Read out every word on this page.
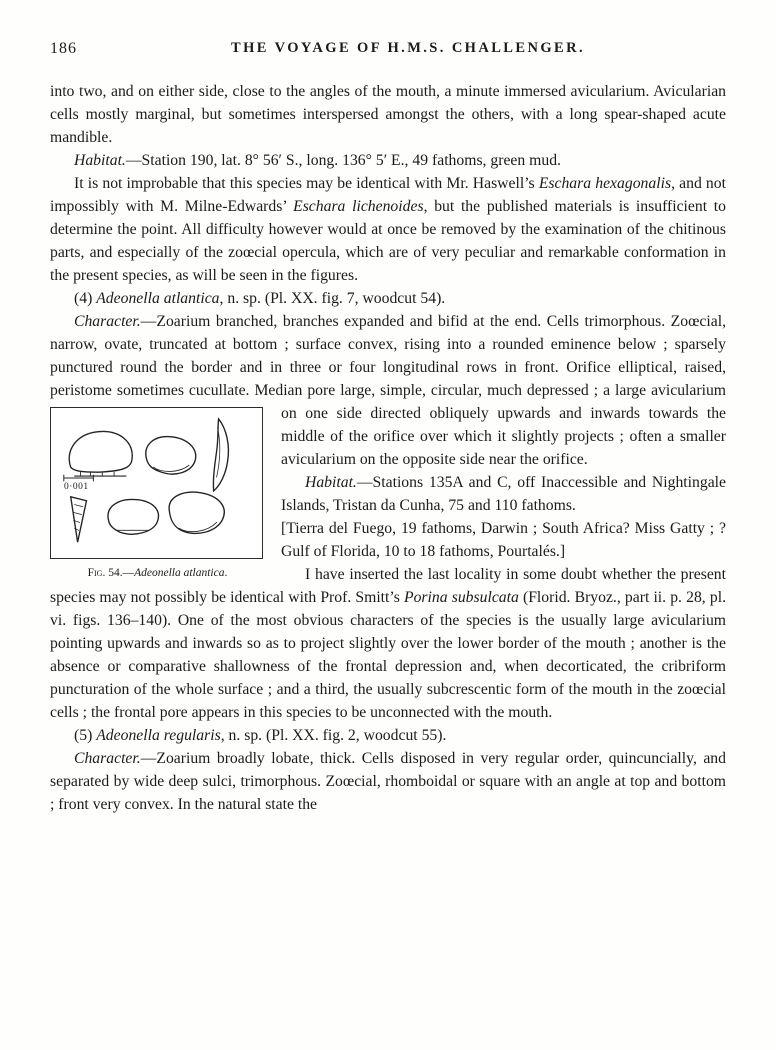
186	THE VOYAGE OF H.M.S. CHALLENGER.

into two, and on either side, close to the angles of the mouth, a minute immersed avicularium. Avicularian cells mostly marginal, but sometimes interspersed amongst the others, with a long spear-shaped acute mandible.

Habitat.—Station 190, lat. 8° 56′ S., long. 136° 5′ E., 49 fathoms, green mud.

It is not improbable that this species may be identical with Mr. Haswell’s Eschara hexagonalis, and not impossibly with M. Milne-Edwards’ Eschara lichenoides, but the published materials is insufficient to determine the point. All difficulty however would at once be removed by the examination of the chitinous parts, and especially of the zoœcial opercula, which are of very peculiar and remarkable conformation in the present species, as will be seen in the figures.

(4) Adeonella atlantica, n. sp. (Pl. XX. fig. 7, woodcut 54).

Character.—Zoarium branched, branches expanded and bifid at the end. Cells trimorphous. Zoœcial, narrow, ovate, truncated at bottom ; surface convex, rising into a rounded eminence below ; sparsely punctured round the border and in three or four longitudinal rows in front. Orifice elliptical, raised, peristome sometimes cucullate. Median pore large, simple, circular, much depressed ; a large avicularium on one side
0·001
Fig. 54.—Adeonella atlantica.
directed obliquely upwards and inwards towards the middle of the orifice over which it slightly projects ; often a smaller avicularium on the opposite side near the orifice.

Habitat.—Stations 135A and C, off Inaccessible and Nightingale Islands, Tristan da Cunha, 75 and 110 fathoms.

[Tierra del Fuego, 19 fathoms, Darwin ; South Africa? Miss Gatty ; ? Gulf of Florida, 10 to 18 fathoms, Pourtalés.]

I have inserted the last locality in some doubt whether the present species may not possibly be identical with Prof. Smitt’s Porina subsulcata (Florid. Bryoz., part ii. p. 28, pl. vi. figs. 136–140). One of the most obvious characters of the species is the usually large avicularium pointing upwards and inwards so as to project slightly over the lower border of the mouth ; another is the absence or comparative shallowness of the frontal depression and, when decorticated, the cribriform puncturation of the whole surface ; and a third, the usually subcrescentic form of the mouth in the zoœcial cells ; the frontal pore appears in this species to be unconnected with the mouth.

(5) Adeonella regularis, n. sp. (Pl. XX. fig. 2, woodcut 55).

Character.—Zoarium broadly lobate, thick. Cells disposed in very regular order, quincuncially, and separated by wide deep sulci, trimorphous. Zoœcial, rhomboidal or square with an angle at top and bottom ; front very convex. In the natural state the
